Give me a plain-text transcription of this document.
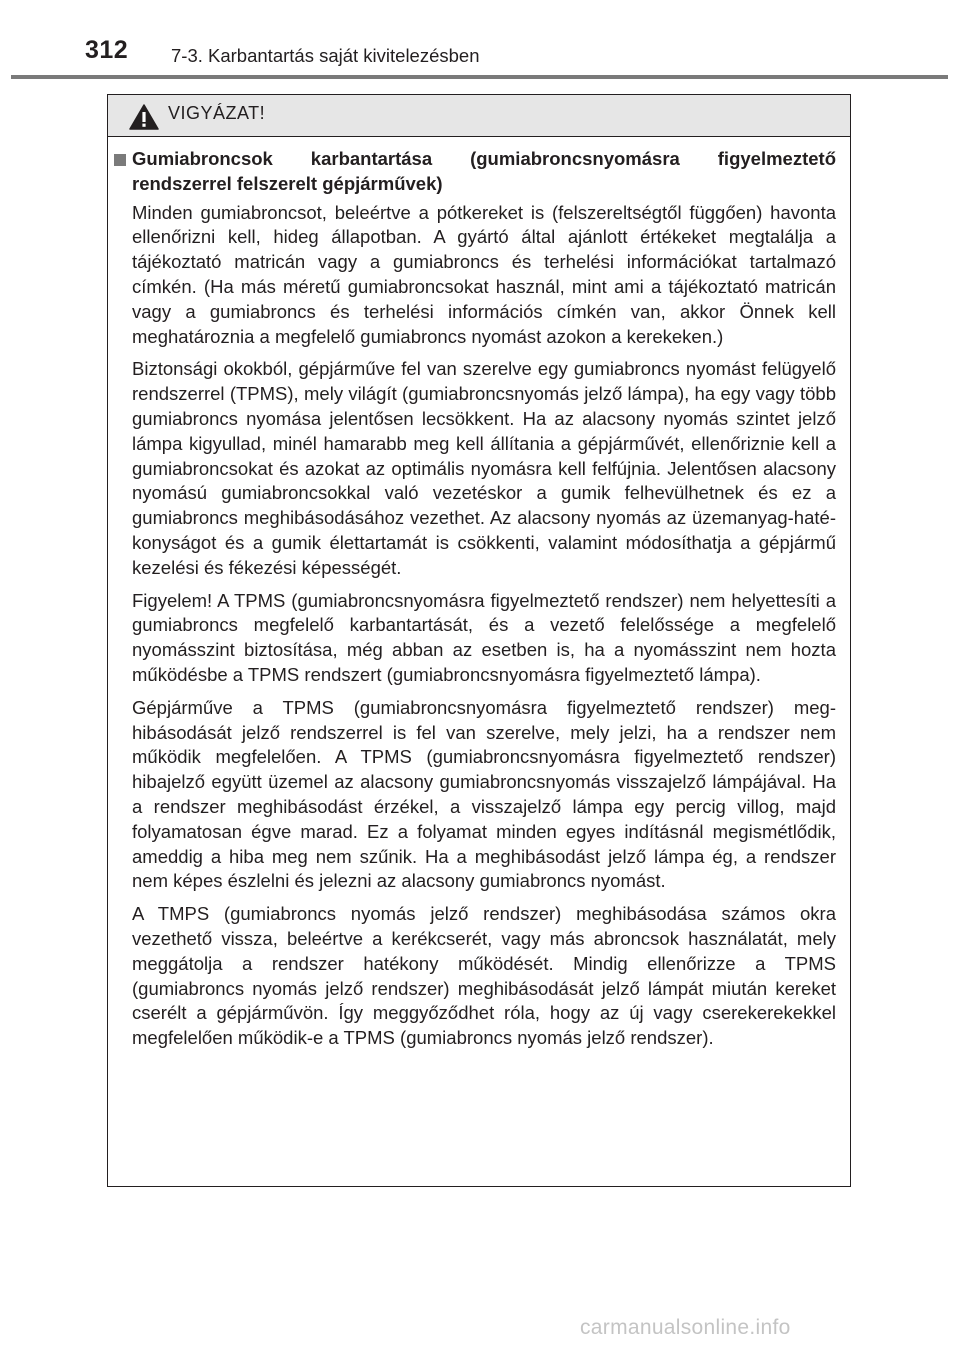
312 7-3. Karbantartás saját kivitelezésben
VIGYÁZAT!
Gumiabroncsok karbantartása (gumiabroncsnyomásra figyelmeztető rendszerrel felszerelt gépjárművek)

Minden gumiabroncsot, beleértve a pótkereket is (felszereltségtől függően) havonta ellenőrizni kell, hideg állapotban. A gyártó által ajánlott értékeket megtalálja a tájékoztató matricán vagy a gumiabroncs és terhelési információkat tartalmazó címkén. (Ha más méretű gumiabroncsokat használ, mint ami a tájékoztató matricán vagy a gumiabroncs és terhelési információs címkén van, akkor Önnek kell meghatároznia a megfelelő gumiabroncs nyomást azokon a kerekeken.)

Biztonsági okokból, gépjárműve fel van szerelve egy gumiabroncs nyomást felügyelő rendszerrel (TPMS), mely világít (gumiabroncsnyomás jelző lámpa), ha egy vagy több gumiabroncs nyomása jelentősen lecsökkent. Ha az alacsony nyomás szintet jelző lámpa kigyullad, minél hamarabb meg kell állítania a gépjárművét, ellenőriznie kell a gumiabroncsokat és azokat az optimális nyomásra kell felfújnia. Jelentősen alacsony nyomású gumiabroncsokkal való vezetéskor a gumik felhevülhetnek és ez a gumiabroncs meghibásodásához vezethet. Az alacsony nyomás az üzemanyag-hatékonyságot és a gumik élettartamát is csökkenti, valamint módosíthatja a gépjármű kezelési és fékezési képességét.

Figyelem! A TPMS (gumiabroncsnyomásra figyelmeztető rendszer) nem helyettesíti a gumiabroncs megfelelő karbantartását, és a vezető felelőssége a megfelelő nyomásszint biztosítása, még abban az esetben is, ha a nyomásszint nem hozta működésbe a TPMS rendszert (gumiabroncsnyomásra figyelmeztető lámpa).

Gépjárműve a TPMS (gumiabroncsnyomásra figyelmeztető rendszer) meghibásodását jelző rendszerrel is fel van szerelve, mely jelzi, ha a rendszer nem működik megfelelően. A TPMS (gumiabroncsnyomásra figyelmeztető rendszer) hibajelző együtt üzemel az alacsony gumiabroncsnyomás visszajelző lámpájával. Ha a rendszer meghibásodást érzékel, a visszajelző lámpa egy percig villog, majd folyamatosan égve marad. Ez a folyamat minden egyes indításnál megismétlődik, ameddig a hiba meg nem szűnik. Ha a meghibásodást jelző lámpa ég, a rendszer nem képes észlelni és jelezni az alacsony gumiabroncs nyomást.

A TMPS (gumiabroncs nyomás jelző rendszer) meghibásodása számos okra vezethető vissza, beleértve a kerékcserét, vagy más abroncsok használatát, mely meggátolja a rendszer hatékony működését. Mindig ellenőrizze a TPMS (gumiabroncs nyomás jelző rendszer) meghibásodását jelző lámpát miután kereket cserélt a gépjárművön. Így meggyőződhet róla, hogy az új vagy cserekerekekkel megfelelően működik-e a TPMS (gumiabroncs nyomás jelző rendszer).

carmanualsonline.info
